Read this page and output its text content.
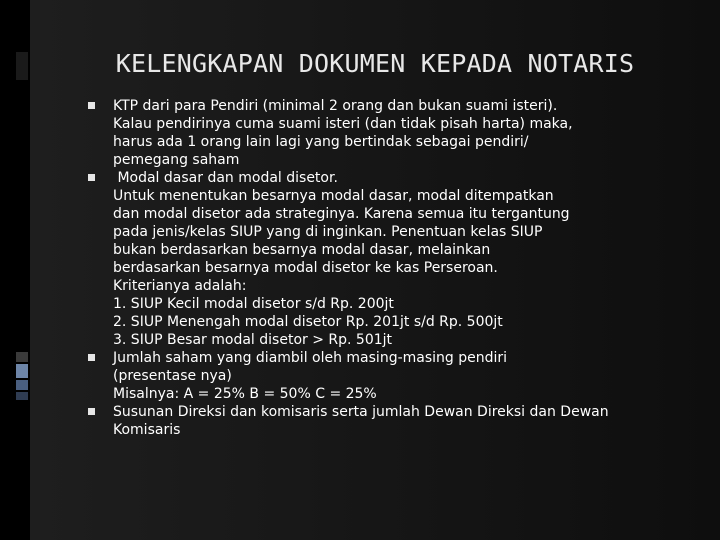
KELENGKAPAN DOKUMEN KEPADA NOTARIS
KTP dari para Pendiri (minimal 2 orang dan bukan suami isteri).
Kalau pendirinya cuma suami isteri (dan tidak pisah harta) maka,
harus ada 1 orang lain lagi yang bertindak sebagai pendiri/
pemegang saham
Modal dasar dan modal disetor.
Untuk menentukan besarnya modal dasar, modal ditempatkan
dan modal disetor ada strateginya. Karena semua itu tergantung
pada jenis/kelas SIUP yang di inginkan. Penentuan kelas SIUP
bukan berdasarkan besarnya modal dasar, melainkan
berdasarkan besarnya modal disetor ke kas Perseroan.
Kriterianya adalah:
1. SIUP Kecil modal disetor s/d Rp. 200jt
2. SIUP Menengah modal disetor Rp. 201jt s/d Rp. 500jt
3. SIUP Besar modal disetor > Rp. 501jt
Jumlah saham yang diambil oleh masing-masing pendiri
(presentase nya)
Misalnya: A = 25% B = 50% C = 25%
Susunan Direksi dan komisaris serta jumlah Dewan Direksi dan Dewan
Komisaris
